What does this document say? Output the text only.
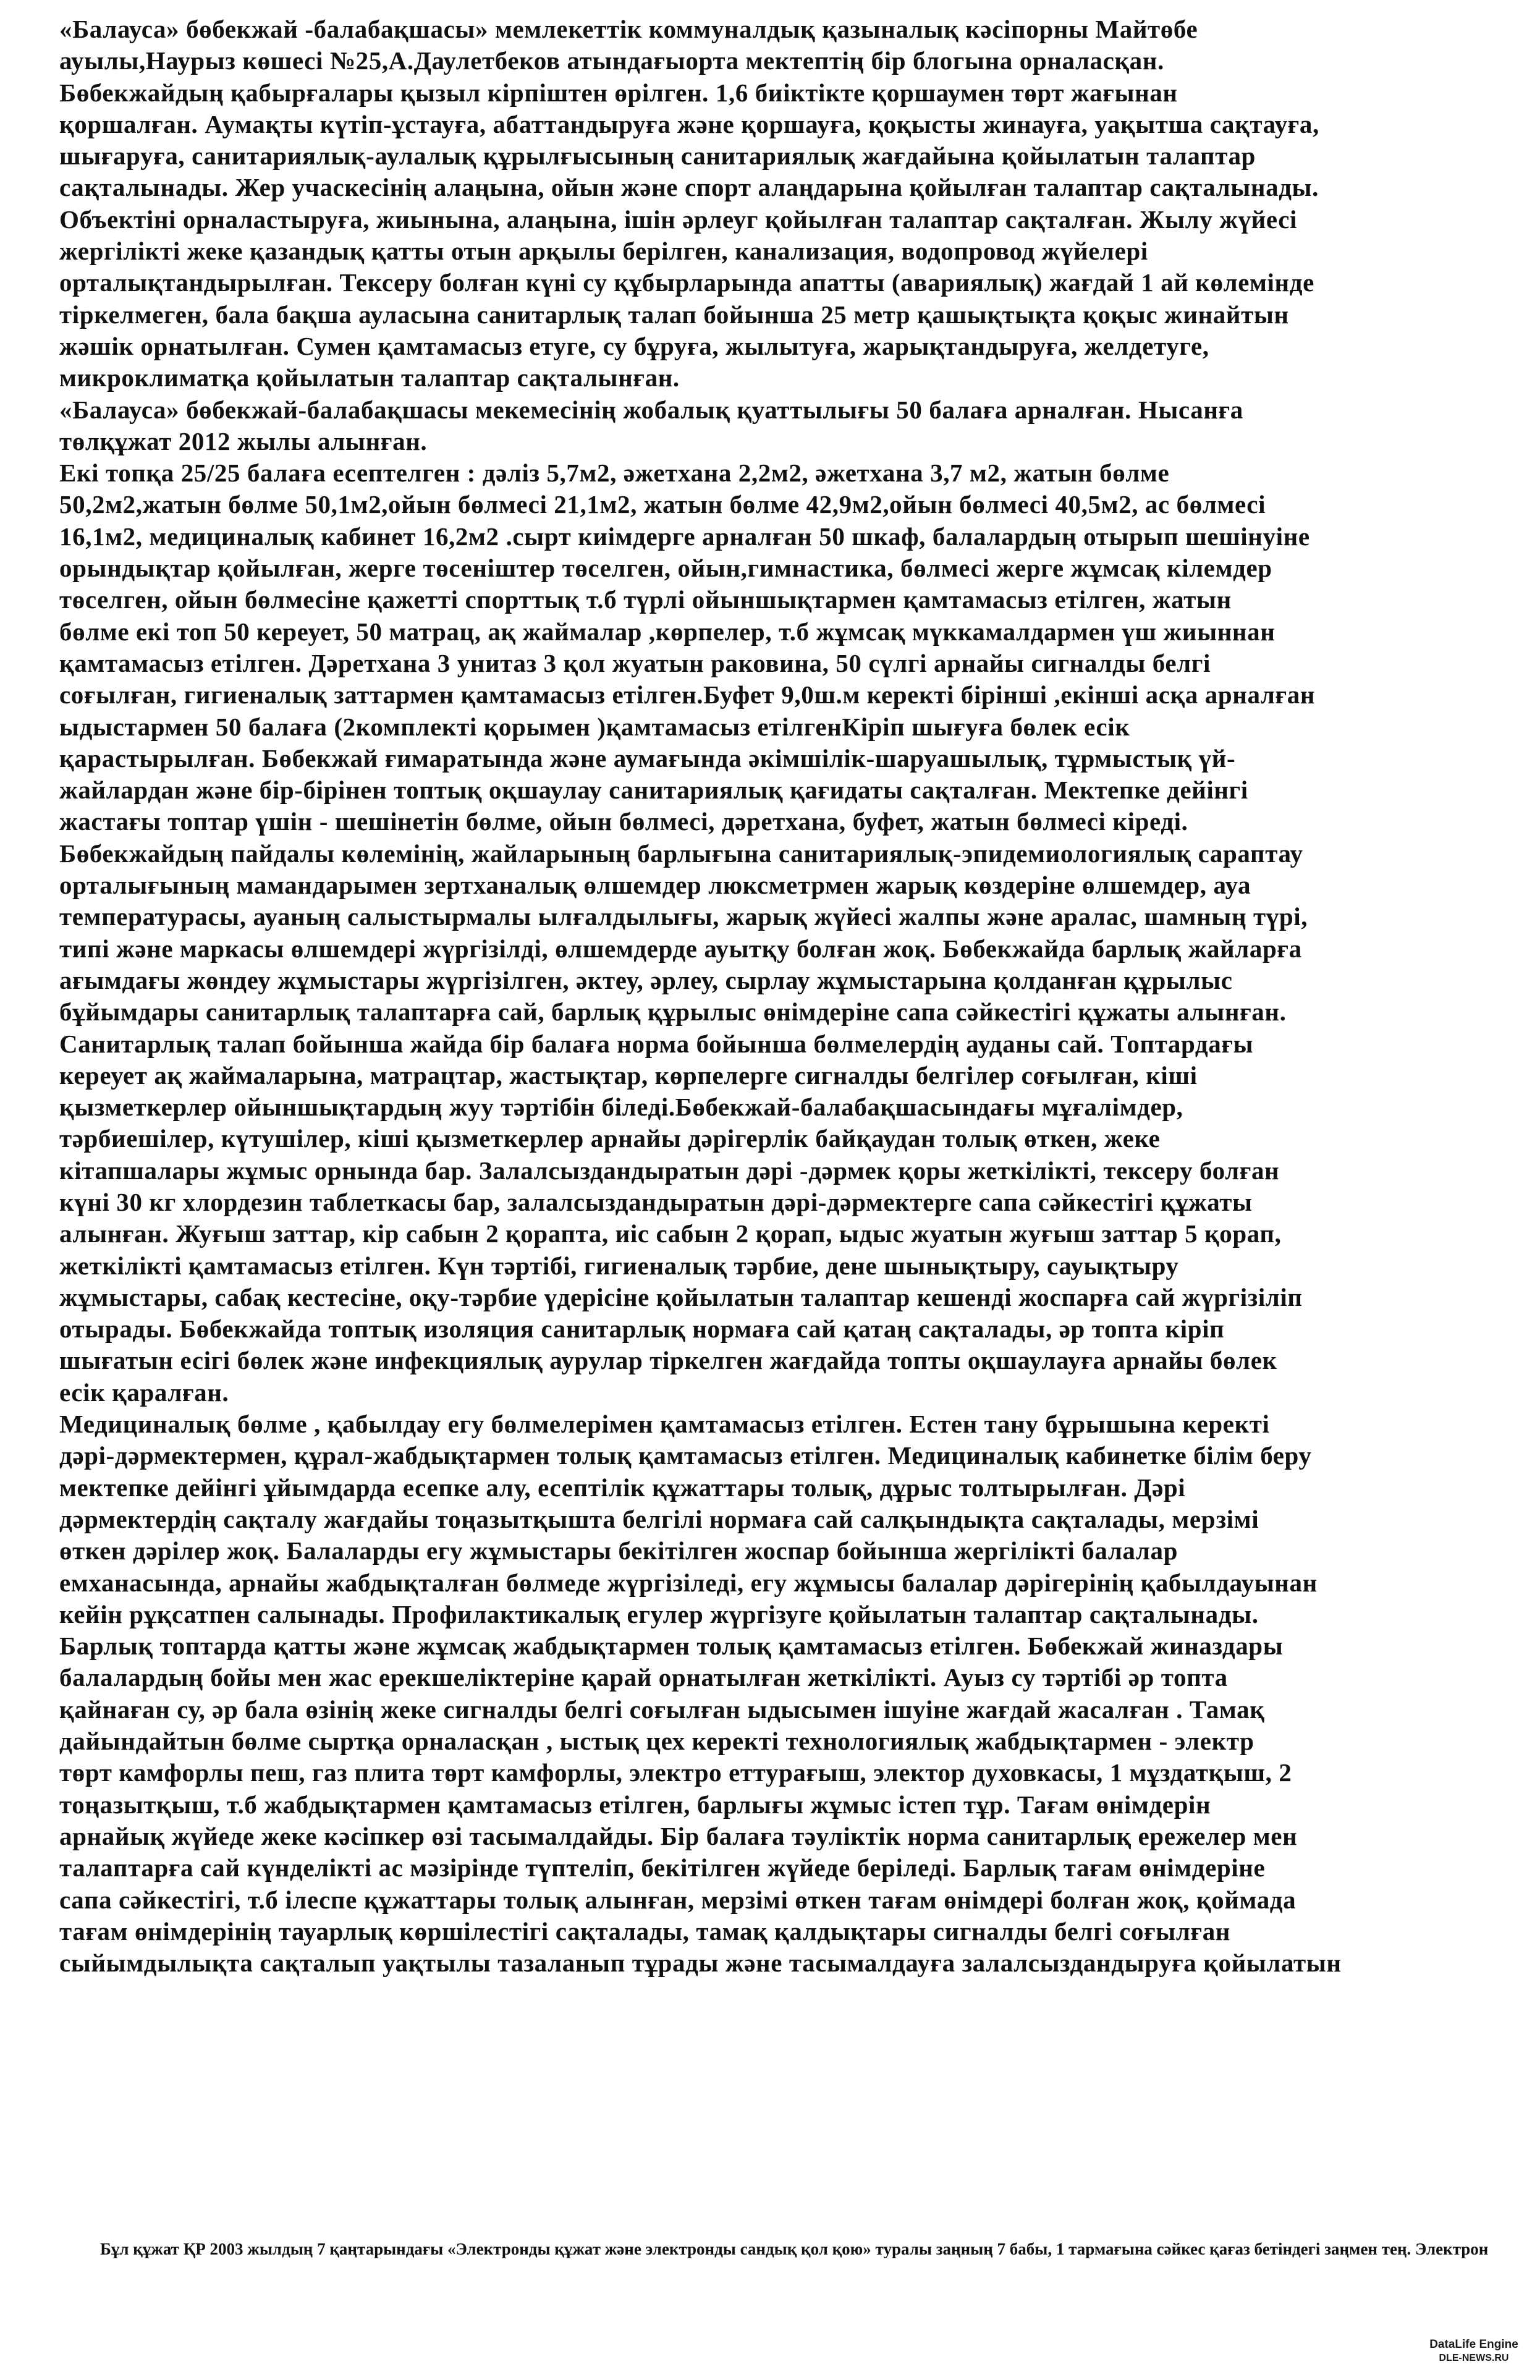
«Балауса» бөбекжай -балабақшасы» мемлекеттік коммуналдық қазыналық кәсіпорны Майтөбе
ауылы,Наурыз көшесі №25,А.Даулетбеков атындағыорта мектептің бір блогына орналасқан.
Бөбекжайдың қабырғалары қызыл кірпіштен өрілген. 1,6 биіктікте қоршаумен төрт жағынан
қоршалған. Аумақты күтіп-ұстауға, абаттандыруға және қоршауға, қоқысты жинауға, уақытша сақтауға,
шығаруға, санитариялық-аулалық құрылғысының санитариялық жағдайына қойылатын талаптар
сақталынады. Жер учаскесінің алаңына, ойын және спорт алаңдарына қойылған талаптар сақталынады.
Объектіні орналастыруға, жиынына, алаңына, ішін әрлеуг қойылған талаптар сақталған. Жылу жүйесі
жергілікті жеке қазандық қатты отын арқылы берілген, канализация, водопровод жүйелері
орталықтандырылған. Тексеру болған күні су құбырларында апатты (авариялық) жағдай 1 ай көлемінде
тіркелмеген, бала бақша ауласына санитарлық талап бойынша 25 метр қашықтықта қоқыс жинайтын
жәшік орнатылған. Сумен қамтамасыз етуге, су бұруға, жылытуға, жарықтандыруға, желдетуге,
микроклиматқа қойылатын талаптар сақталынған.
«Балауса» бөбекжай-балабақшасы мекемесінің жобалық қуаттылығы 50 балаға арналған. Нысанға
төлқұжат 2012 жылы алынған.
Екі топқа 25/25 балаға есептелген : дәліз 5,7м2, әжетхана 2,2м2, әжетхана 3,7 м2, жатын бөлме
50,2м2,жатын бөлме 50,1м2,ойын бөлмесі 21,1м2, жатын бөлме 42,9м2,ойын бөлмесі 40,5м2, ас бөлмесі
16,1м2, медициналық кабинет 16,2м2 .сырт киімдерге арналған 50 шкаф, балалардың отырып шешінуіне
орындықтар қойылған, жерге төсеніштер төселген, ойын,гимнастика, бөлмесі жерге жұмсақ кілемдер
төселген, ойын бөлмесіне қажетті спорттық т.б түрлі ойыншықтармен қамтамасыз етілген, жатын
бөлме екі топ 50 кереует, 50 матрац, ақ жаймалар ,көрпелер, т.б жұмсақ мүккамалдармен үш жиыннан
қамтамасыз етілген. Дәретхана 3 унитаз 3 қол жуатын раковина, 50 сүлгі арнайы сигналды белгі
соғылған, гигиеналық заттармен қамтамасыз етілген.Буфет 9,0ш.м керекті бірінші ,екінші асқа арналған
ыдыстармен 50 балаға (2комплекті қорымен )қамтамасыз етілгенКіріп шығуға бөлек есік
қарастырылған. Бөбекжай ғимаратында және аумағында әкімшілік-шаруашылық, тұрмыстық үй-
жайлардан және бір-бірінен топтық оқшаулау санитариялық қағидаты сақталған. Мектепке дейінгі
жастағы топтар үшін - шешінетін бөлме, ойын бөлмесі, дәретхана, буфет, жатын бөлмесі кіреді.
Бөбекжайдың пайдалы көлемінің, жайларының барлығына санитариялық-эпидемиологиялық сараптау
орталығының мамандарымен зертханалық өлшемдер люксметрмен жарық көздеріне өлшемдер, ауа
температурасы, ауаның салыстырмалы ылғалдылығы, жарық жүйесі жалпы және аралас, шамның түрі,
типі және маркасы өлшемдері жүргізілді, өлшемдерде ауытқу болған жоқ. Бөбекжайда барлық жайларға
ағымдағы жөндеу жұмыстары жүргізілген, әктеу, әрлеу, сырлау жұмыстарына қолданған құрылыс
бұйымдары санитарлық талаптарға сай, барлық құрылыс өнімдеріне сапа сәйкестігі құжаты алынған.
Санитарлық талап бойынша жайда бір балаға норма бойынша бөлмелердің ауданы сай. Топтардағы
кереует ақ жаймаларына, матрацтар, жастықтар, көрпелерге сигналды белгілер соғылған, кіші
қызметкерлер ойыншықтардың жуу тәртібін біледі.Бөбекжай-балабақшасындағы мұғалімдер,
тәрбиешілер, күтушілер, кіші қызметкерлер арнайы дәрігерлік байқаудан толық өткен, жеке
кітапшалары жұмыс орнында бар. Залалсыздандыратын дәрі -дәрмек қоры жеткілікті, тексеру болған
күні 30 кг хлордезин таблеткасы бар, залалсыздандыратын дәрі-дәрмектерге сапа сәйкестігі құжаты
алынған. Жуғыш заттар, кір сабын 2 қорапта, иіс сабын 2 қорап, ыдыс жуатын жуғыш заттар 5 қорап,
жеткілікті қамтамасыз етілген. Күн тәртібі, гигиеналық тәрбие, дене шынықтыру, сауықтыру
жұмыстары, сабақ кестесіне, оқу-тәрбие үдерісіне қойылатын талаптар кешенді жоспарға сай жүргізіліп
отырады. Бөбекжайда топтық изоляция санитарлық нормаға сай қатаң сақталады, әр топта кіріп
шығатын есігі бөлек және инфекциялық аурулар тіркелген жағдайда топты оқшаулауға арнайы бөлек
есік қаралған.
Медициналық бөлме , қабылдау егу бөлмелерімен қамтамасыз етілген. Естен тану бұрышына керекті
дәрі-дәрмектермен, құрал-жабдықтармен толық қамтамасыз етілген. Медициналық кабинетке білім беру
мектепке дейінгі ұйымдарда есепке алу, есептілік құжаттары толық, дұрыс толтырылған. Дәрі
дәрмектердің сақталу жағдайы тоңазытқышта белгілі нормаға сай салқындықта сақталады, мерзімі
өткен дәрілер жоқ. Балаларды егу жұмыстары бекітілген жоспар бойынша жергілікті балалар
емханасында, арнайы жабдықталған бөлмеде жүргізіледі, егу жұмысы балалар дәрігерінің қабылдауынан
кейін рұқсатпен салынады. Профилактикалық егулер жүргізуге қойылатын талаптар сақталынады.
Барлық топтарда қатты және жұмсақ жабдықтармен толық қамтамасыз етілген. Бөбекжай жиназдары
балалардың бойы мен жас ерекшеліктеріне қарай орнатылған жеткілікті. Ауыз су тәртібі әр топта
қайнаған су, әр бала өзінің жеке сигналды белгі соғылған ыдысымен ішуіне жағдай жасалған . Тамақ
дайындайтын бөлме сыртқа орналасқан , ыстық цех керекті технологиялық жабдықтармен - электр
төрт камфорлы пеш, газ плита төрт камфорлы, электро еттурағыш, электор духовкасы, 1 мұздатқыш, 2
тоңазытқыш, т.б жабдықтармен қамтамасыз етілген, барлығы жұмыс істеп тұр. Тағам өнімдерін
арнайық жүйеде жеке кәсіпкер өзі тасымалдайды. Бір балаға тәуліктік норма санитарлық ережелер мен
талаптарға сай күнделікті ас мәзірінде түптеліп, бекітілген жүйеде беріледі. Барлық тағам өнімдеріне
сапа сәйкестігі, т.б ілеспе құжаттары толық алынған, мерзімі өткен тағам өнімдері болған жоқ, қоймада
тағам өнімдерінің тауарлық көршілестігі сақталады, тамақ қалдықтары сигналды белгі соғылған
сыйымдылықта сақталып уақтылы тазаланып тұрады және тасымалдауға залалсыздандыруға қойылатын
Бұл құжат ҚР 2003 жылдың 7 қаңтарындағы «Электронды құжат және электронды сандық қол қою» туралы заңның 7 бабы, 1 тармағына сәйкес қағаз бетіндегі заңмен тең. Электрон
DataLife Engine
DLE-NEWS.RU
